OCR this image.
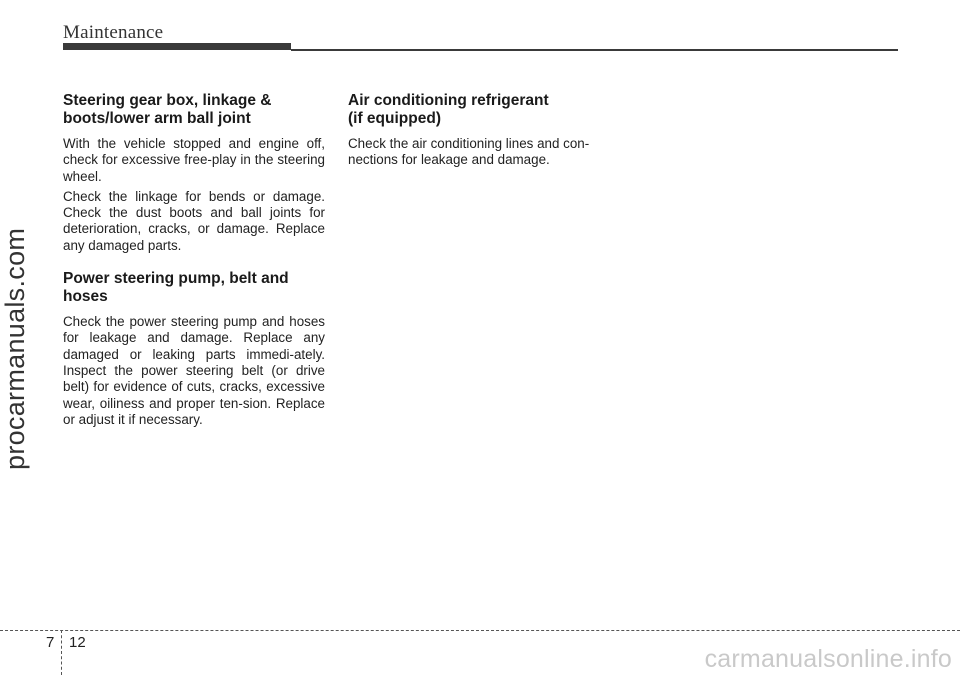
Maintenance
Steering gear box, linkage & boots/lower arm ball joint

With the vehicle stopped and engine off, check for excessive free-play in the steering wheel.

Check the linkage for bends or damage. Check the dust boots and ball joints for deterioration, cracks, or damage. Replace any damaged parts.

Power steering pump, belt and hoses

Check the power steering pump and hoses for leakage and damage. Replace any damaged or leaking parts immedi-ately. Inspect the power steering belt (or drive belt) for evidence of cuts, cracks, excessive wear, oiliness and proper ten-sion. Replace or adjust it if necessary.

Air conditioning refrigerant
(if equipped)

Check the air conditioning lines and con-nections for leakage and damage.

procarmanuals.com
7 12
carmanualsonline.info
